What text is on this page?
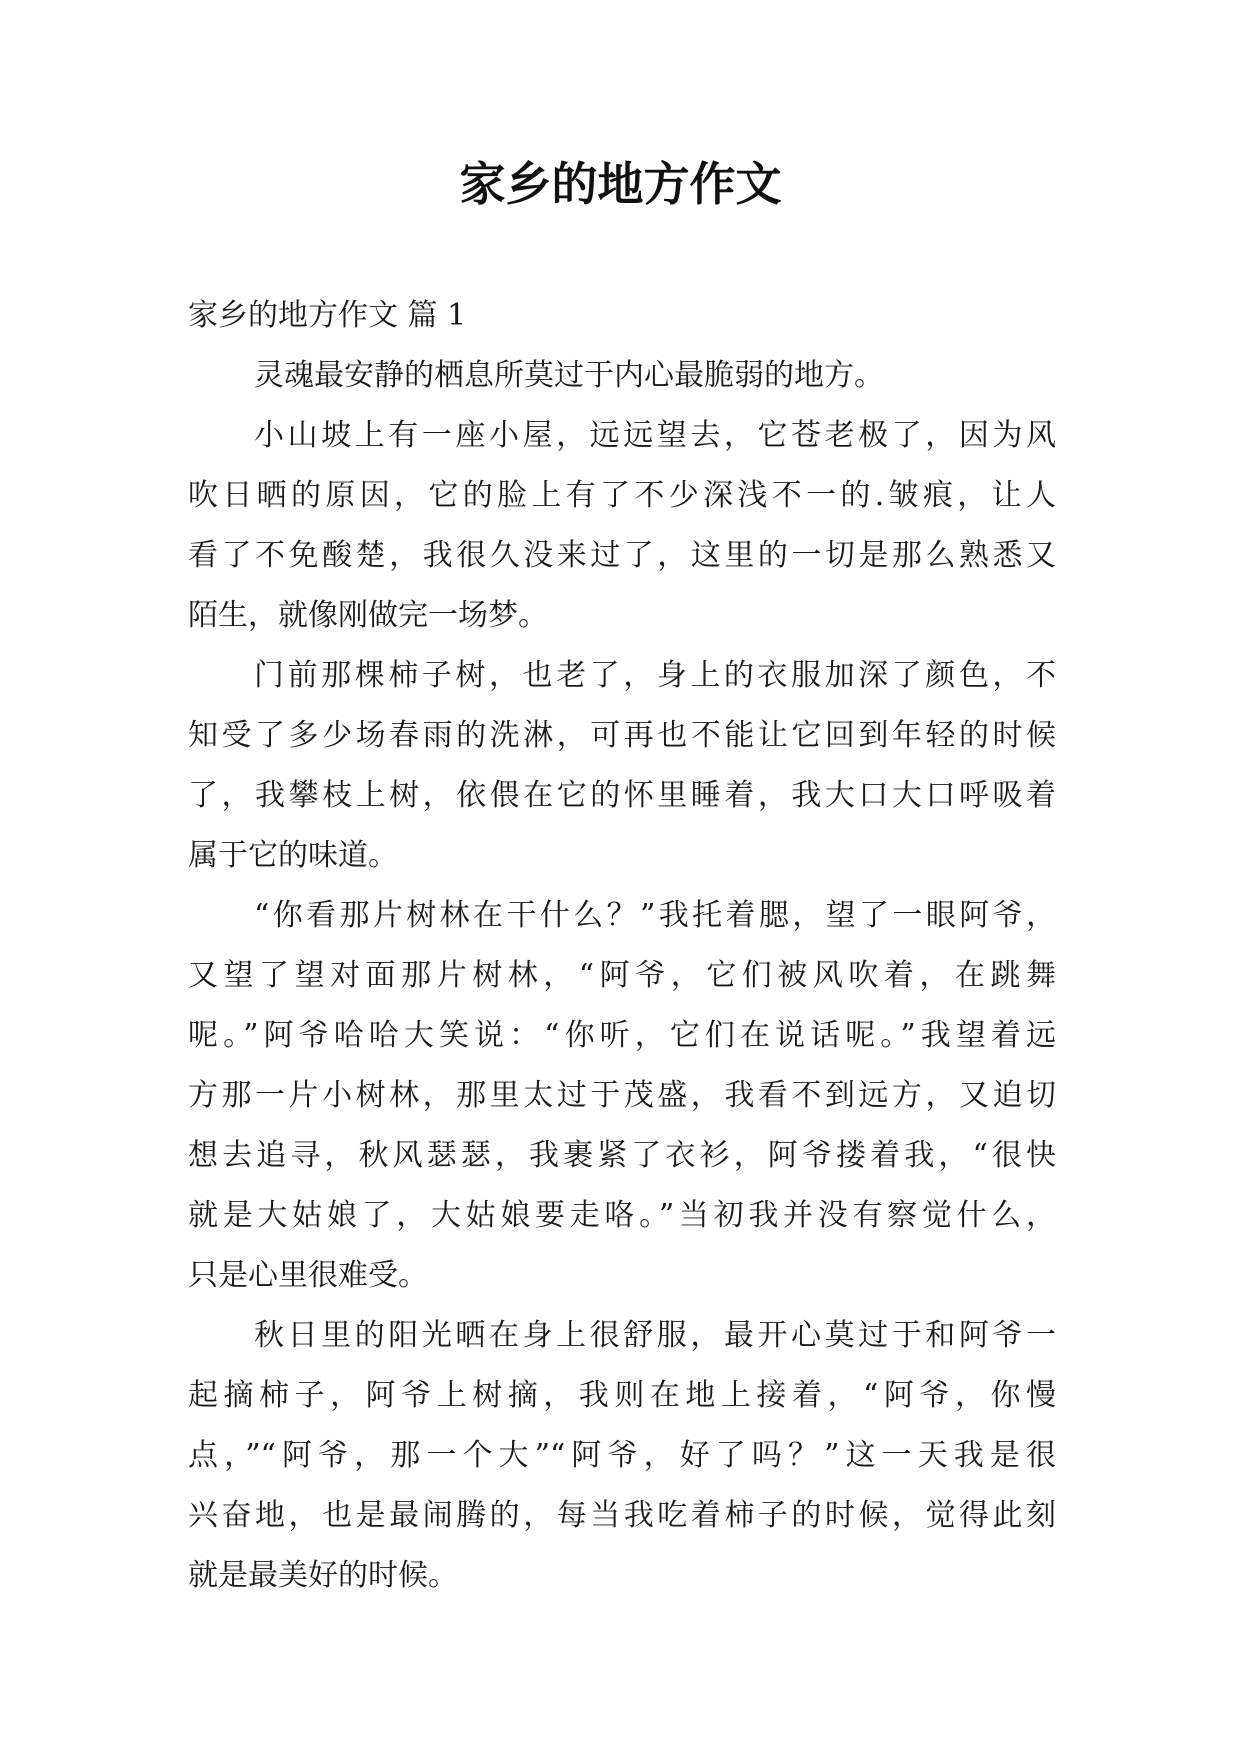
家乡的地方作文

家乡的地方作文 篇 1

灵魂最安静的栖息所莫过于内心最脆弱的地方。

小山坡上有一座小屋，远远望去，它苍老极了，因为风
吹日晒的原因，它的脸上有了不少深浅不一的.皱痕，让人
看了不免酸楚，我很久没来过了，这里的一切是那么熟悉又
陌生，就像刚做完一场梦。

门前那棵柿子树，也老了，身上的衣服加深了颜色，不
知受了多少场春雨的洗淋，可再也不能让它回到年轻的时候
了，我攀枝上树，依偎在它的怀里睡着，我大口大口呼吸着
属于它的味道。

“你看那片树林在干什么？”我托着腮，望了一眼阿爷，
又望了望对面那片树林，“阿爷，它们被风吹着，在跳舞
呢。”阿爷哈哈大笑说：“你听，它们在说话呢。”我望着远
方那一片小树林，那里太过于茂盛，我看不到远方，又迫切
想去追寻，秋风瑟瑟，我裹紧了衣衫，阿爷搂着我，“很快
就是大姑娘了，大姑娘要走咯。”当初我并没有察觉什么，
只是心里很难受。

秋日里的阳光晒在身上很舒服，最开心莫过于和阿爷一
起摘柿子，阿爷上树摘，我则在地上接着，“阿爷，你慢
点，”“阿爷，那一个大”“阿爷，好了吗？”这一天我是很
兴奋地，也是最闹腾的，每当我吃着柿子的时候，觉得此刻
就是最美好的时候。
